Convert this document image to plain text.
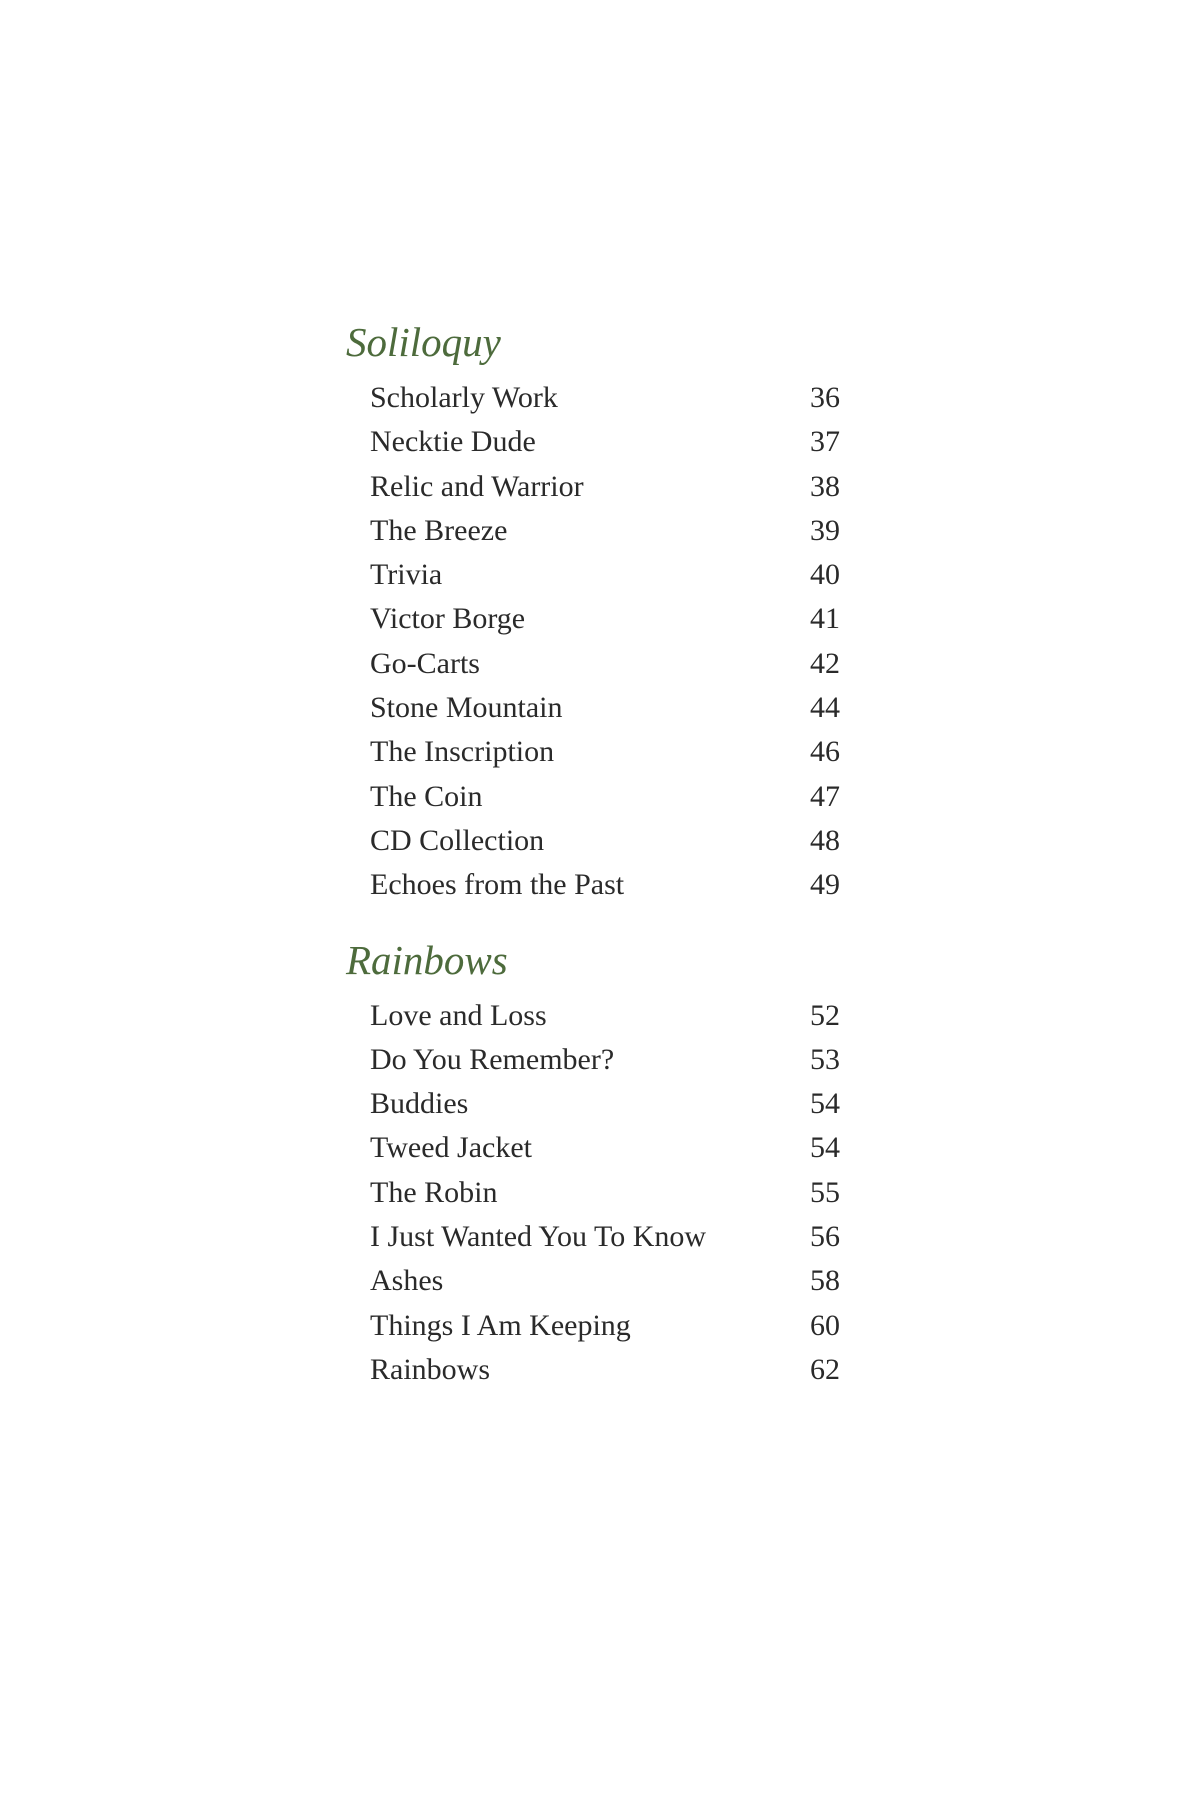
Soliloquy
Scholarly Work	36
Necktie Dude	37
Relic and Warrior	38
The Breeze	39
Trivia	40
Victor Borge	41
Go-Carts	42
Stone Mountain	44
The Inscription	46
The Coin	47
CD Collection	48
Echoes from the Past	49
Rainbows
Love and Loss	52
Do You Remember?	53
Buddies	54
Tweed Jacket	54
The Robin	55
I Just Wanted You To Know	56
Ashes	58
Things I Am Keeping	60
Rainbows	62
